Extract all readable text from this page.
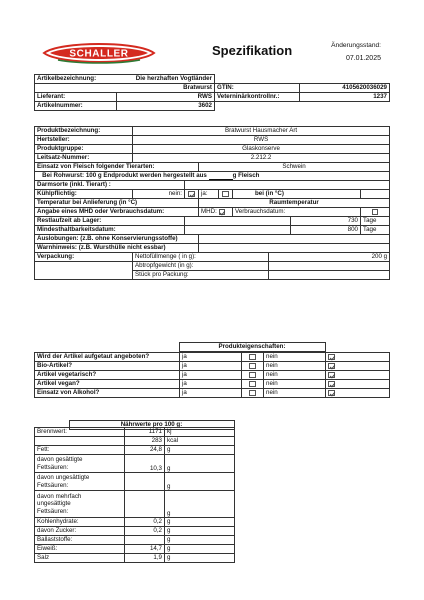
SCHALLER	Spezifikation	Änderungsstand:
07.01.2025
Artikelbezeichnung:	Die herzhaften Vogtländer		
	Bratwurst	GTIN:	4105620036029
Lieferant:	RWS	Veterninärkontrollnr.:	1237
Artikelnummer:	3602		
Produktbezeichnung:	Bratwurst Hausmacher Art							
Hertsteller:	RWS							
Produktgruppe:	Glaskonserve							
Leitsatz-Nummer:	2.212.2							
Einsatz von Fleisch folgender Tierarten:			Schwein					
Bei Rohwurst: 100 g Endprodukt werden hergestellt aus g Fleisch								
Darmsorte (inkl. Tierart) :								
Kühlpflichtig:	nein:		ja:		bei (in °C)			
Temperatur bei Anlieferung (in °C)			Raumtemperatur					
Angabe eines MHD oder Verbrauchsdatum:			MHD:		Verbrauchsdatum:			
Restlaufzeit ab Lager:							730	Tage
Mindesthaltbarkeitsdatum:							800	Tage
Auslobungen: (z.B. ohne Konservierungsstoffe)								
Warnhinweis: (z.B. Wursthülle nicht essbar)								
Verpackung:	Nettofüllmenge ( in g):					200 g		
	Abtropfgewicht (in g):							
	Stück pro Packung:							
	Produkteigenschaften:	
Wird der Artikel aufgetaut angeboten?	ja		nein	
Bio-Artikel?	ja		nein	
Artikel vegetarisch?	ja		nein	
Artikel vegan?	ja		nein	
Einsatz von Alkohol?	ja		nein	
	Nährwerte pro 100 g:	
Brennwert:	1171	kj
	283	kcal
Fett:	24,8	g
davon gesättigte
Fettsäuren:	10,3	g
davon ungesättigte
Fettsäuren:		g
davon mehrfach
ungesättigte
Fettsäuren:		g
Kohlenhydrate:	0,2	g
davon Zucker:	0,2	g
Ballaststoffe:		g
Eiweiß:	14,7	g
Salz	1,9	g
